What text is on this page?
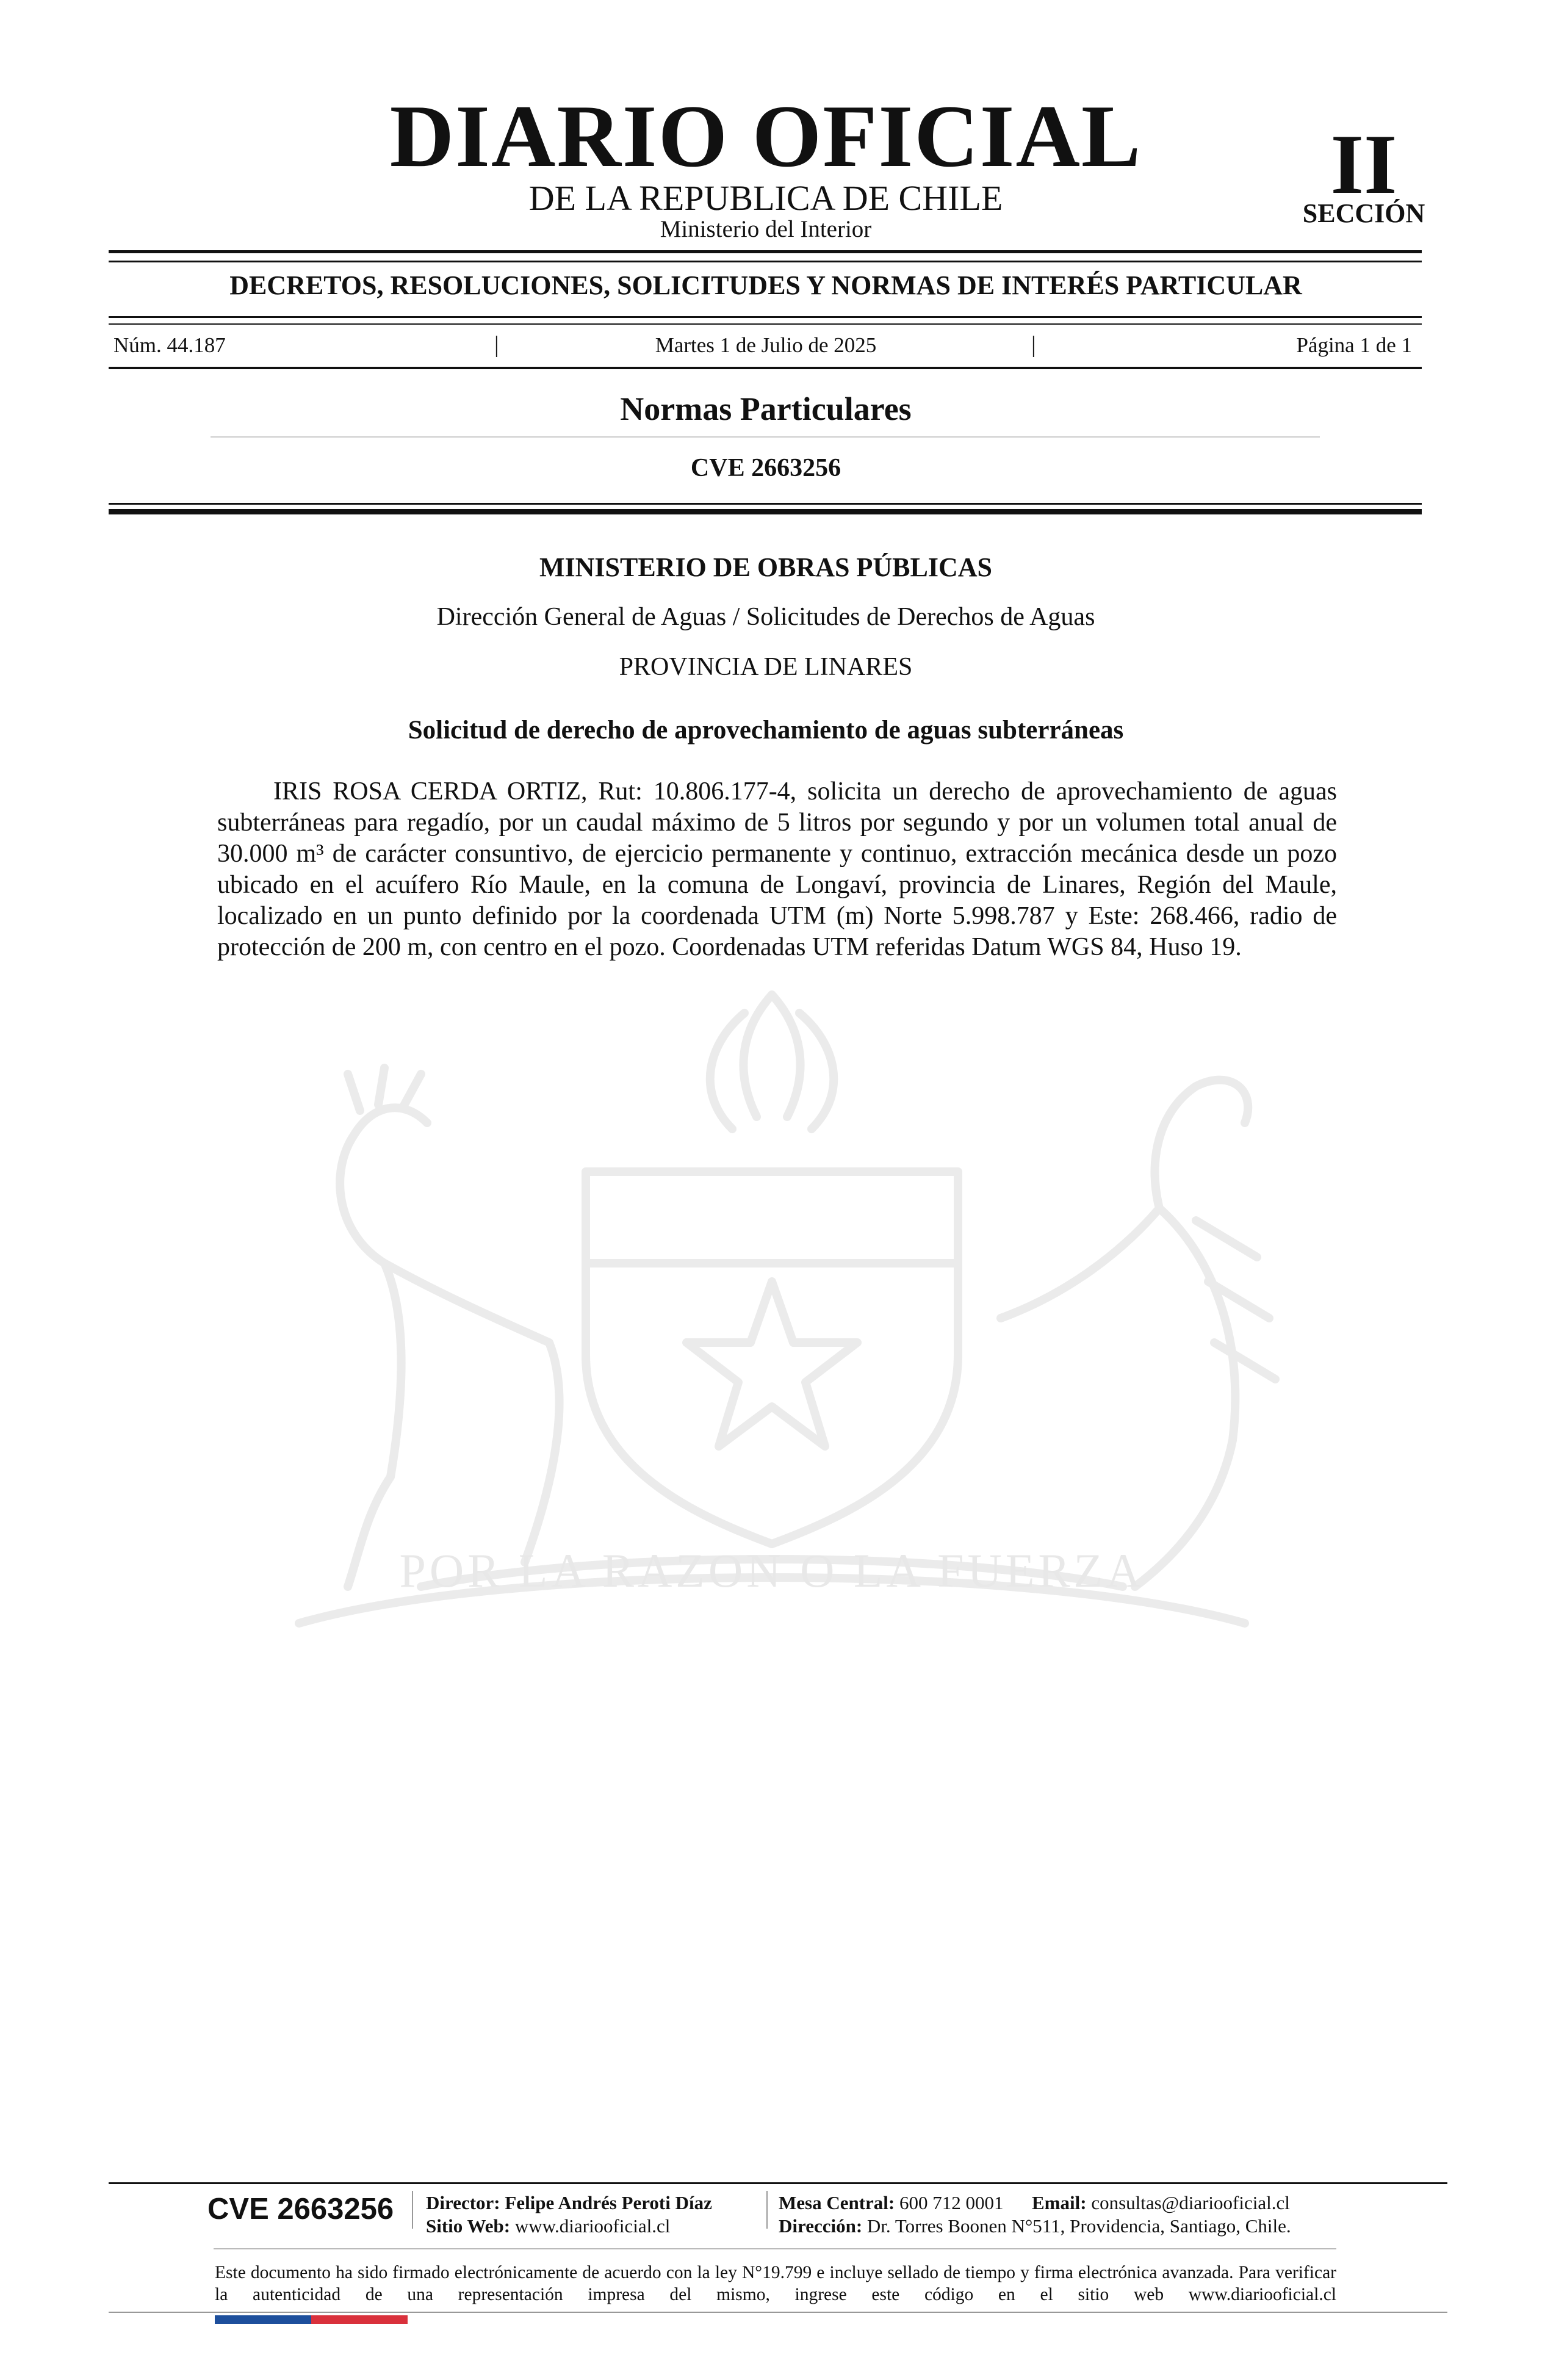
DIARIO OFICIAL
DE LA REPUBLICA DE CHILE
Ministerio del Interior
II
SECCIÓN
DECRETOS, RESOLUCIONES, SOLICITUDES Y NORMAS DE INTERÉS PARTICULAR
Núm. 44.187	|	Martes 1 de Julio de 2025	|	Página 1 de 1
Normas Particulares
CVE 2663256
POR LA RAZON O LA FUERZA
MINISTERIO DE OBRAS PÚBLICAS
Dirección General de Aguas / Solicitudes de Derechos de Aguas
PROVINCIA DE LINARES
Solicitud de derecho de aprovechamiento de aguas subterráneas
IRIS ROSA CERDA ORTIZ, Rut: 10.806.177-4, solicita un derecho de aprovechamiento de aguas subterráneas para regadío, por un caudal máximo de 5 litros por segundo y por un volumen total anual de 30.000 m³ de carácter consuntivo, de ejercicio permanente y continuo, extracción mecánica desde un pozo ubicado en el acuífero Río Maule, en la comuna de Longaví, provincia de Linares, Región del Maule, localizado en un punto definido por la coordenada UTM (m) Norte 5.998.787 y Este: 268.466, radio de protección de 200 m, con centro en el pozo. Coordenadas UTM referidas Datum WGS 84, Huso 19.
CVE 2663256 Director: Felipe Andrés Peroti Díaz
Sitio Web: www.diariooficial.cl
Mesa Central: 600 712 0001 Email: consultas@diariooficial.cl
Dirección: Dr. Torres Boonen N°511, Providencia, Santiago, Chile.
Este documento ha sido firmado electrónicamente de acuerdo con la ley N°19.799 e incluye sellado de tiempo y firma electrónica avanzada. Para verificar la autenticidad de una representación impresa del mismo, ingrese este código en el sitio web www.diariooficial.cl
